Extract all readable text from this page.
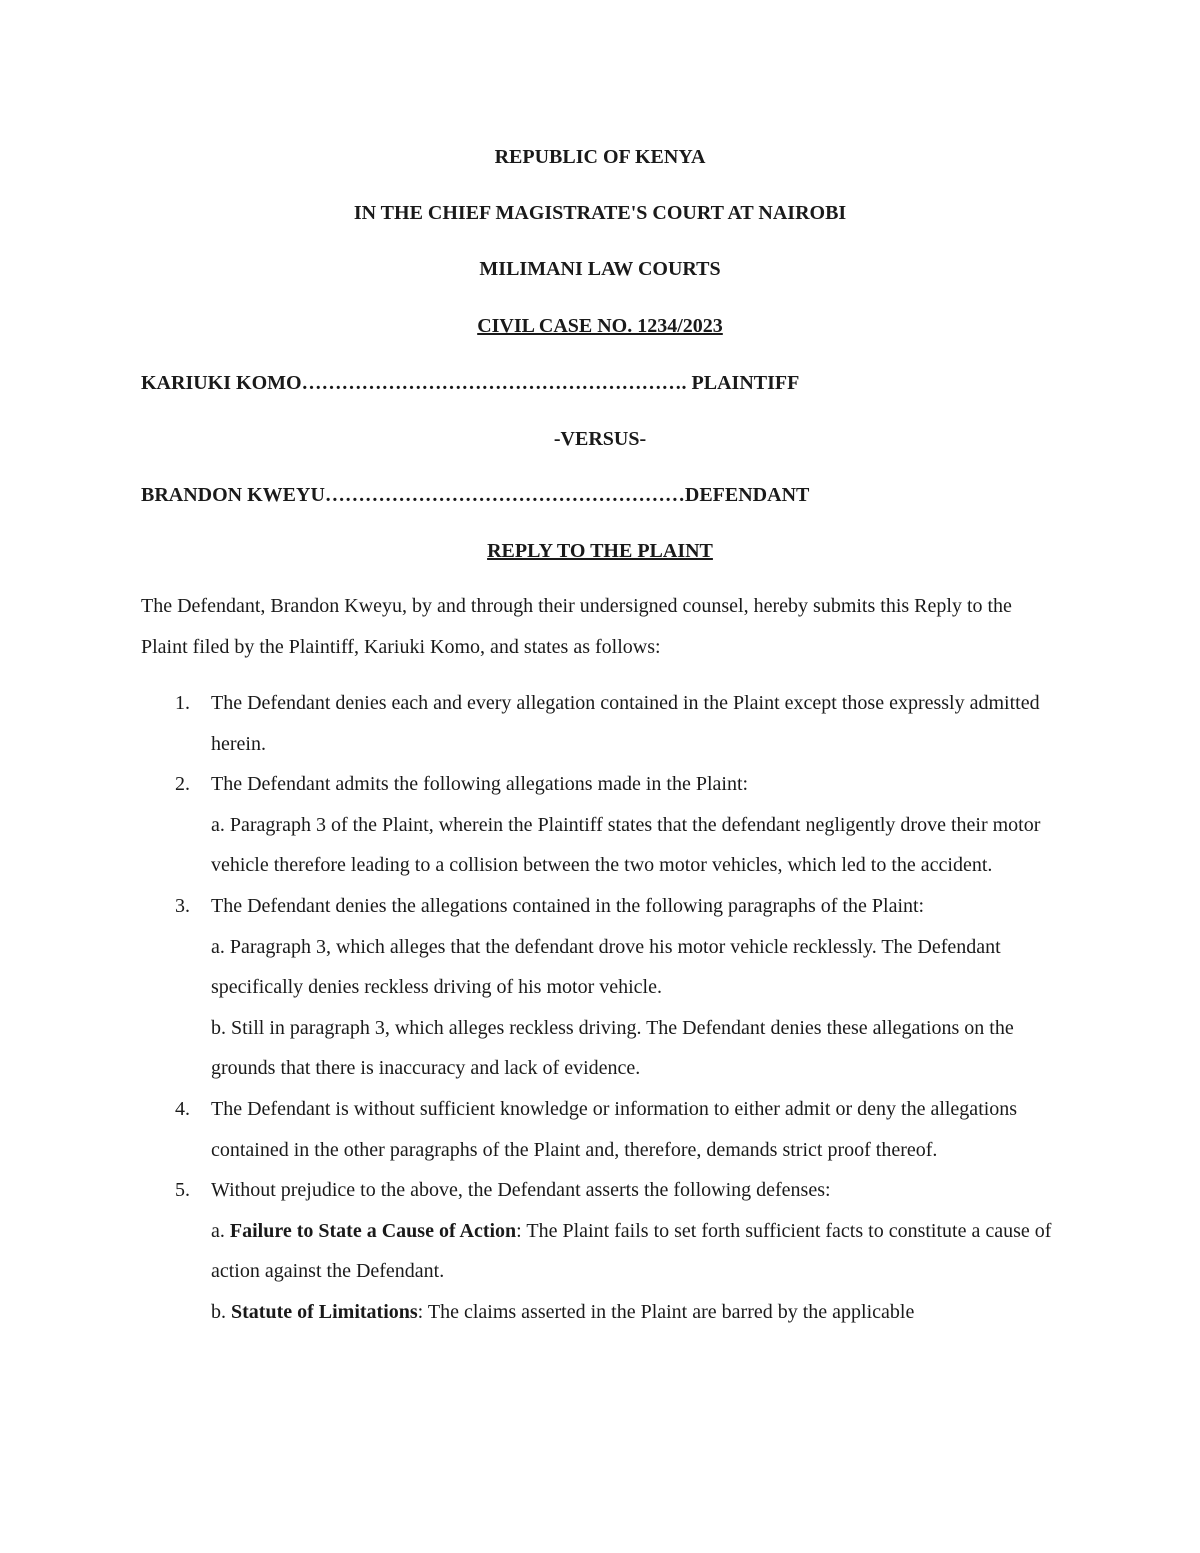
REPUBLIC OF KENYA
IN THE CHIEF MAGISTRATE'S COURT AT NAIROBI
MILIMANI LAW COURTS
CIVIL CASE NO. 1234/2023
KARIUKI KOMO…………………………………………………. PLAINTIFF
-VERSUS-
BRANDON KWEYU………………………………………………DEFENDANT
REPLY TO THE PLAINT
The Defendant, Brandon Kweyu, by and through their undersigned counsel, hereby submits this Reply to the Plaint filed by the Plaintiff, Kariuki Komo, and states as follows:
1. The Defendant denies each and every allegation contained in the Plaint except those expressly admitted herein.
2. The Defendant admits the following allegations made in the Plaint:
a. Paragraph 3 of the Plaint, wherein the Plaintiff states that the defendant negligently drove their motor vehicle therefore leading to a collision between the two motor vehicles, which led to the accident.
3. The Defendant denies the allegations contained in the following paragraphs of the Plaint:
a. Paragraph 3, which alleges that the defendant drove his motor vehicle recklessly. The Defendant specifically denies reckless driving of his motor vehicle.
b. Still in paragraph 3, which alleges reckless driving. The Defendant denies these allegations on the grounds that there is inaccuracy and lack of evidence.
4. The Defendant is without sufficient knowledge or information to either admit or deny the allegations contained in the other paragraphs of the Plaint and, therefore, demands strict proof thereof.
5. Without prejudice to the above, the Defendant asserts the following defenses:
a. Failure to State a Cause of Action: The Plaint fails to set forth sufficient facts to constitute a cause of action against the Defendant.
b. Statute of Limitations: The claims asserted in the Plaint are barred by the applicable
